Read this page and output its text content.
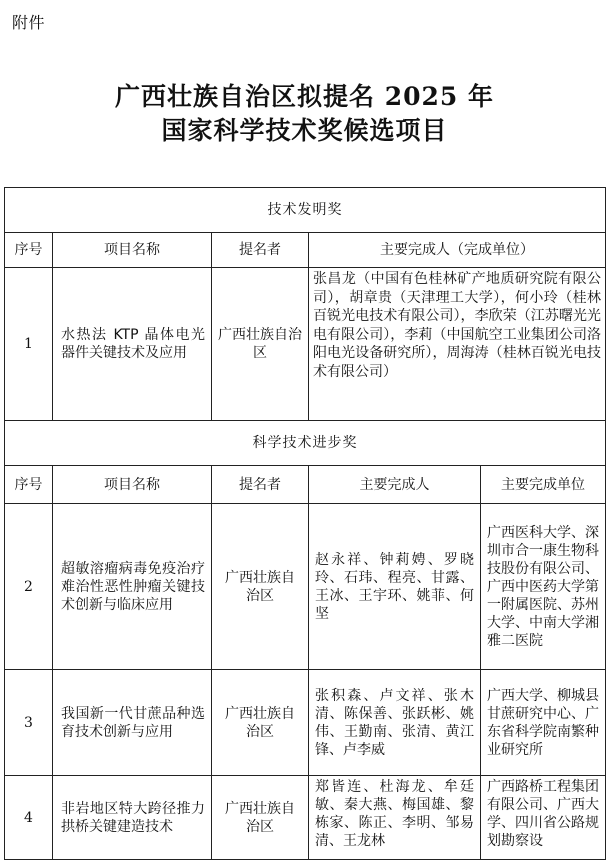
附件
广西壮族自治区拟提名 2025 年
国家科学技术奖候选项目
技术发明奖			
序号	项目名称	提名者	主要完成人（完成单位）
1	水热法 KTP 晶体电光器件关键技术及应用	广西壮族自治区	张昌龙（中国有色桂林矿产地质研究院有限公司），胡章贵（天津理工大学），何小玲（桂林百锐光电技术有限公司），李欣荣（江苏曙光光电有限公司），李莉（中国航空工业集团公司洛阳电光设备研究所），周海涛（桂林百锐光电技术有限公司）
科学技术进步奖				
序号	项目名称	提名者	主要完成人	主要完成单位
2	超敏溶瘤病毒免疫治疗难治性恶性肿瘤关键技术创新与临床应用	广西壮族自治区	赵永祥、钟莉娉、罗晓玲、石玮、程亮、甘露、王冰、王宇环、姚菲、何坚	广西医科大学、深圳市合一康生物科技股份有限公司、广西中医药大学第一附属医院、苏州大学、中南大学湘雅二医院
3	我国新一代甘蔗品种选育技术创新与应用	广西壮族自治区	张积森、卢文祥、张木清、陈保善、张跃彬、姚伟、王勤南、张清、黄江锋、卢李威	广西大学、柳城县甘蔗研究中心、广东省科学院南繁种业研究所
4	非岩地区特大跨径推力拱桥关键建造技术	广西壮族自治区	郑皆连、杜海龙、牟廷敏、秦大燕、梅国雄、黎栋家、陈正、李明、邹易清、王龙林	广西路桥工程集团有限公司、广西大学、四川省公路规划勘察设
